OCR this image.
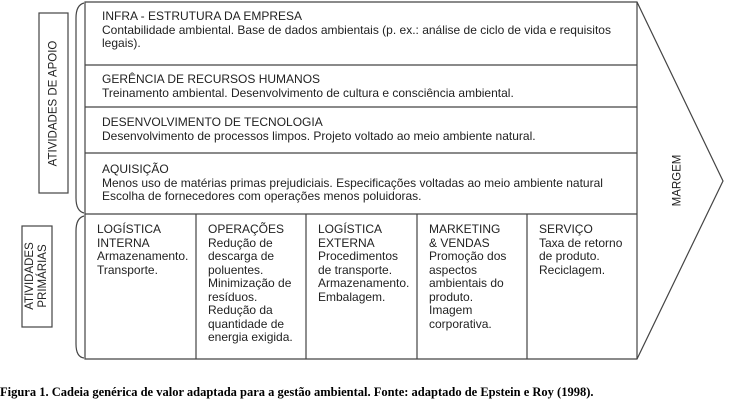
ATIVIDADES DE APOIO
ATIVIDADES PRIMÁRIAS
MARGEM
INFRA - ESTRUTURA DA EMPRESA
Contabilidade ambiental. Base de dados ambientais (p. ex.: análise de ciclo de vida e requisitos
legais).
GERÊNCIA DE RECURSOS HUMANOS
Treinamento ambiental. Desenvolvimento de cultura e consciência ambiental.
DESENVOLVIMENTO DE TECNOLOGIA
Desenvolvimento de processos limpos. Projeto voltado ao meio ambiente natural.
AQUISIÇÃO
Menos uso de matérias primas prejudiciais. Especificações voltadas ao meio ambiente natural
Escolha de fornecedores com operações menos poluidoras.
LOGÍSTICA
INTERNA
Armazenamento.
Transporte.
OPERAÇÕES
Redução de
descarga de
poluentes.
Minimização de
resíduos.
Redução da
quantidade de
energia exigida.
LOGÍSTICA
EXTERNA
Procedimentos
de transporte.
Armazenamento.
Embalagem.
MARKETING
& VENDAS
Promoção dos
aspectos
ambientais do
produto.
Imagem
corporativa.
SERVIÇO
Taxa de retorno
de produto.
Reciclagem.
Figura 1. Cadeia genérica de valor adaptada para a gestão ambiental. Fonte: adaptado de Epstein e Roy (1998).
